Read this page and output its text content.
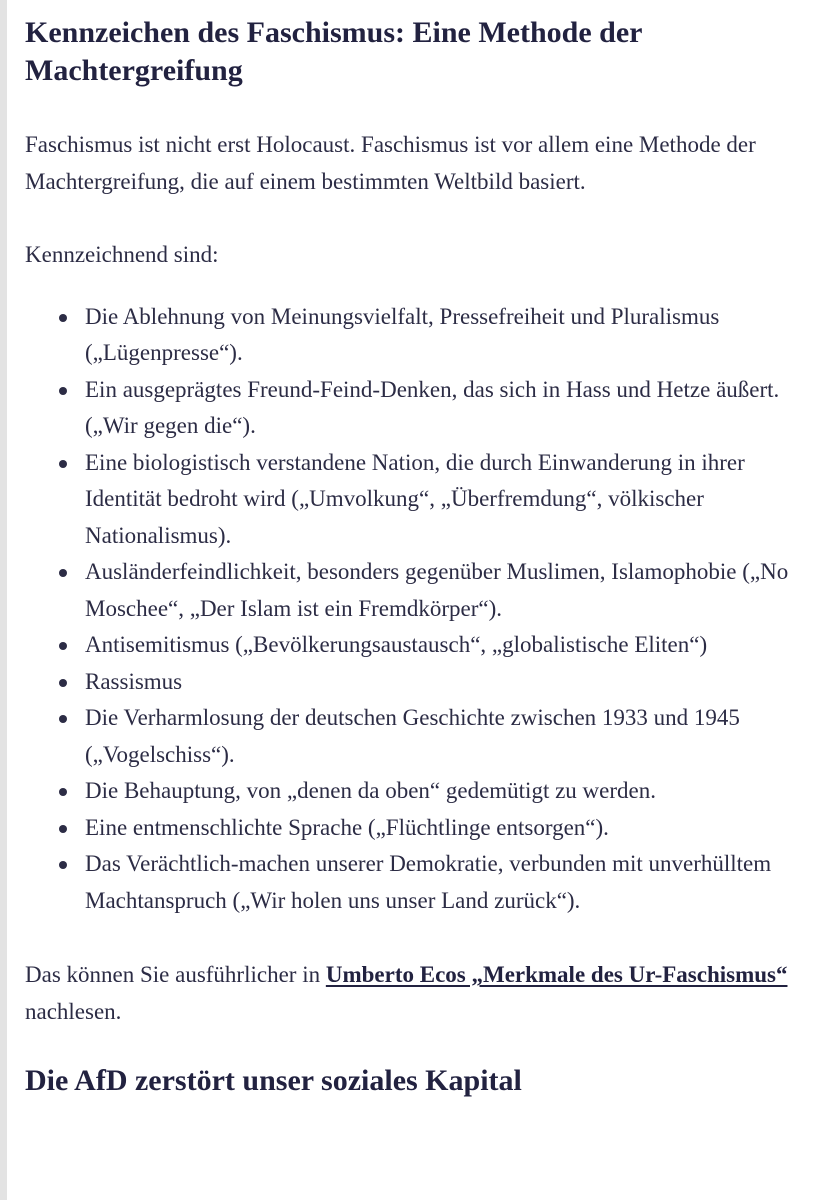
Kennzeichen des Faschismus: Eine Methode der Machtergreifung

Faschismus ist nicht erst Holocaust. Faschismus ist vor allem eine Methode der Machtergreifung, die auf einem bestimmten Weltbild basiert.

Kennzeichnend sind:

Die Ablehnung von Meinungsvielfalt, Pressefreiheit und Pluralismus („Lügenpresse“).
Ein ausgeprägtes Freund-Feind-Denken, das sich in Hass und Hetze äußert. („Wir gegen die“).
Eine biologistisch verstandene Nation, die durch Einwanderung in ihrer Identität bedroht wird („Umvolkung“, „Überfremdung“, völkischer Nationalismus).
Ausländerfeindlichkeit, besonders gegenüber Muslimen, Islamophobie („No Moschee“, „Der Islam ist ein Fremdkörper“).
Antisemitismus („Bevölkerungsaustausch“, „globalistische Eliten“)
Rassismus
Die Verharmlosung der deutschen Geschichte zwischen 1933 und 1945 („Vogelschiss“).
Die Behauptung, von „denen da oben“ gedemütigt zu werden.
Eine entmenschlichte Sprache („Flüchtlinge entsorgen“).
Das Verächtlich-machen unserer Demokratie, verbunden mit unverhülltem Machtanspruch („Wir holen uns unser Land zurück“).

Das können Sie ausführlicher in Umberto Ecos „Merkmale des Ur-Faschismus“ nachlesen.

Die AfD zerstört unser soziales Kapital
